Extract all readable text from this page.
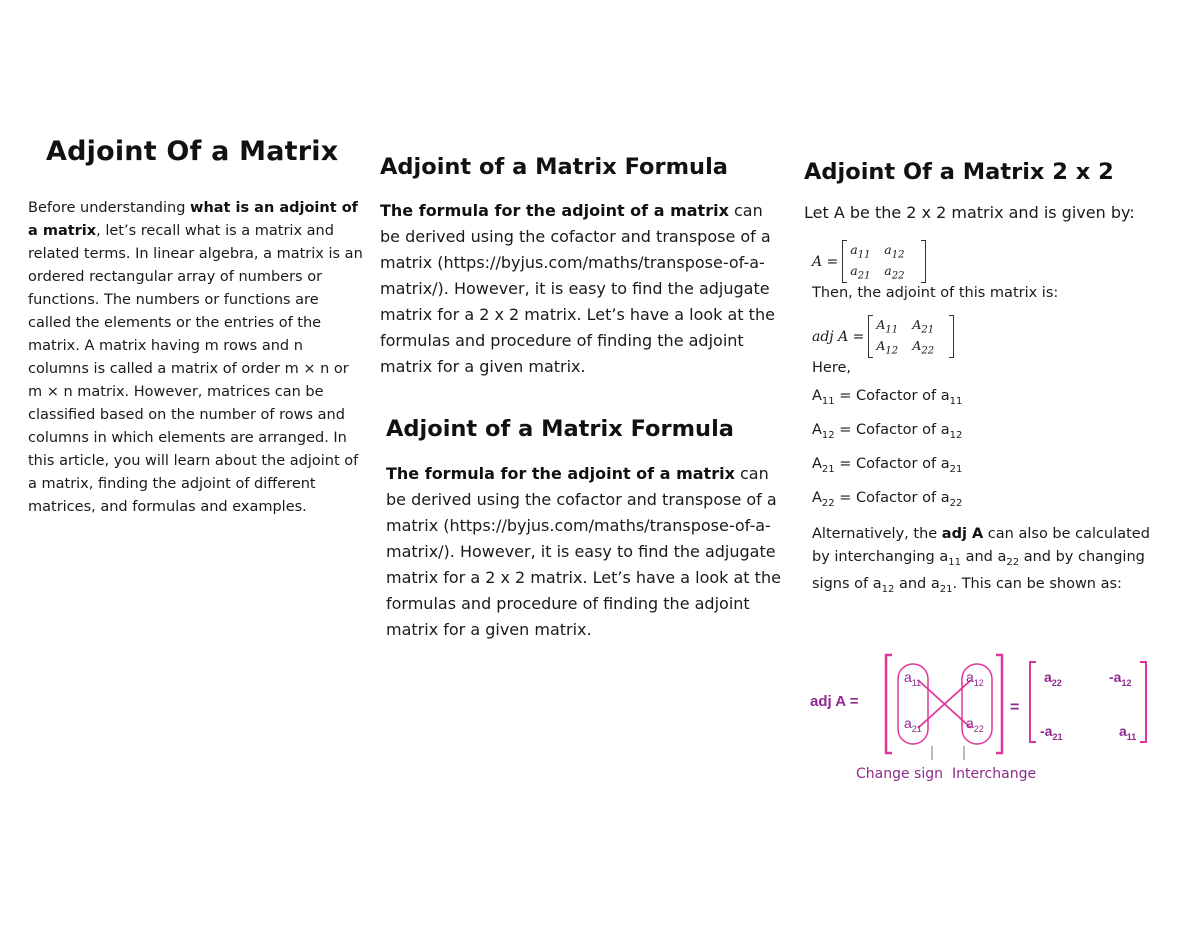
Adjoint Of a Matrix

Before understanding what is an adjoint of a matrix, let’s recall what is a matrix and related terms. In linear algebra, a matrix is an ordered rectangular array of numbers or functions. The numbers or functions are called the elements or the entries of the matrix. A matrix having m rows and n columns is called a matrix of order m × n or m × n matrix. However, matrices can be classified based on the number of rows and columns in which elements are arranged. In this article, you will learn about the adjoint of a matrix, finding the adjoint of different matrices, and formulas and examples.

Adjoint of a Matrix Formula

The formula for the adjoint of a matrix can be derived using the cofactor and transpose of a matrix (https://byjus.com/maths/transpose-of-a-matrix/). However, it is easy to find the adjugate matrix for a 2 x 2 matrix. Let’s have a look at the formulas and procedure of finding the adjoint matrix for a given matrix.

Adjoint of a Matrix Formula

The formula for the adjoint of a matrix can be derived using the cofactor and transpose of a matrix (https://byjus.com/maths/transpose-of-a-matrix/). However, it is easy to find the adjugate matrix for a 2 x 2 matrix. Let’s have a look at the formulas and procedure of finding the adjoint matrix for a given matrix.

Adjoint Of a Matrix 2 x 2

Let A be the 2 x 2 matrix and is given by:

A =
$a_{11}$	$a_{12}$
$a_{21}$	$a_{22}$

Then, the adjoint of this matrix is:

adj A =
$A_{11}$	$A_{21}$
$A_{12}$	$A_{22}$

Here,

$A_{11}$ = Cofactor of $a_{11}$

$A_{12}$ = Cofactor of $a_{12}$

$A_{21}$ = Cofactor of $a_{21}$

$A_{22}$ = Cofactor of $a_{22}$

Alternatively, the adj A can also be calculated by interchanging $a_{11}$ and $a_{22}$ and by changing signs of $a_{12}$ and $a_{21}$. This can be shown as:

adj A =
$a_{11}$	$a_{12}$
$a_{21}$	$a_{22}$
=
$a_{22}$	$-a_{12}$
$-a_{21}$	$a_{11}$
Change sign Interchange
